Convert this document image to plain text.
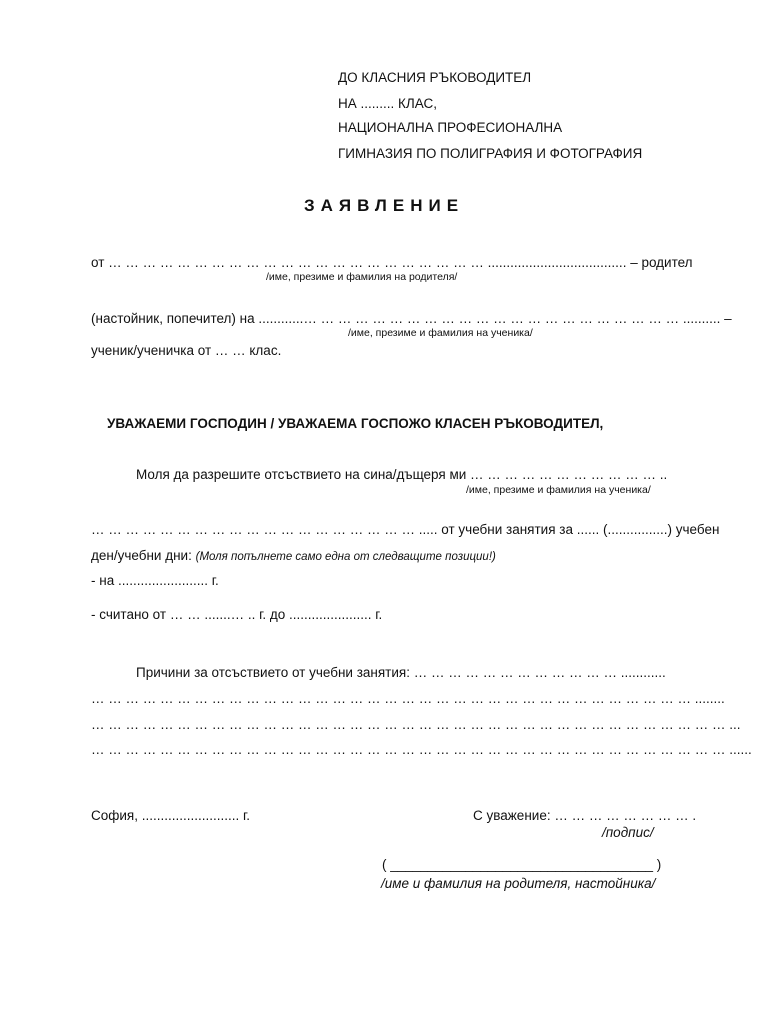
ДО КЛАСНИЯ РЪКОВОДИТЕЛ
НА ......... КЛАС,
НАЦИОНАЛНА ПРОФЕСИОНАЛНА
ГИМНАЗИЯ ПО ПОЛИГРАФИЯ И ФОТОГРАФИЯ
ЗАЯВЛЕНИЕ
от … … … … … … … … … … … … … … … … … … … … … … ..................................... – родител
/име, презиме и фамилия на родителя/
(настойник, попечител) на ............… … … … … … … … … … … … … … … … … … … … … … .......... –
/име, презиме и фамилия на ученика/
ученик/ученичка от … … клас.
УВАЖАЕМИ ГОСПОДИН / УВАЖАЕМА ГОСПОЖО КЛАСЕН РЪКОВОДИТЕЛ,
Моля да разрешите отсъствието на сина/дъщеря ми … … … … … … … … … … … ..
/име, презиме и фамилия на ученика/
… … … … … … … … … … … … … … … … … … … ..... от учебни занятия за ...... (................) учебен
ден/учебни дни: (Моля попълнете само една от следващите позиции!)
- на ........................ г.
- считано от … … .......… .. г. до ...................... г.
Причини за отсъствието от учебни занятия: … … … … … … … … … … … … ............
… … … … … … … … … … … … … … … … … … … … … … … … … … … … … … … … … … … ........
… … … … … … … … … … … … … … … … … … … … … … … … … … … … … … … … … … … … … ...
… … … … … … … … … … … … … … … … … … … … … … … … … … … … … … … … … … … … … ......
София, .......................... г.	С уважение: … … … … … … … … .
/подпис/
( ___________________________________ )
/име и фамилия на родителя, настойника/
